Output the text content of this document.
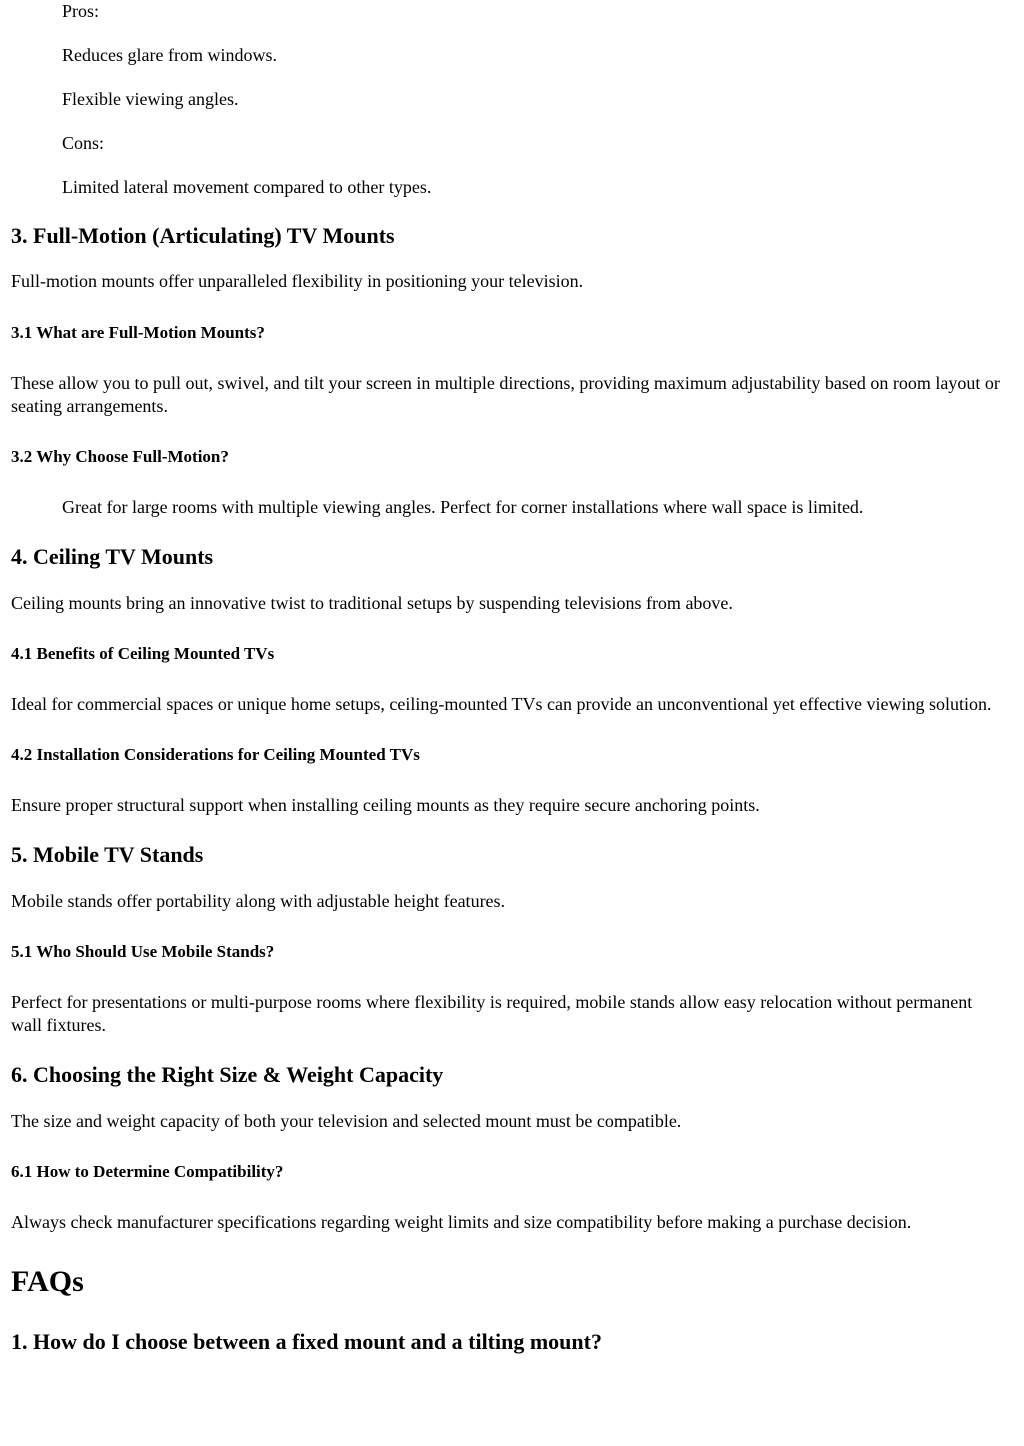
Pros:

Reduces glare from windows.

Flexible viewing angles.

Cons:

Limited lateral movement compared to other types.

3. Full-Motion (Articulating) TV Mounts

Full-motion mounts offer unparalleled flexibility in positioning your television.

3.1 What are Full-Motion Mounts?

These allow you to pull out, swivel, and tilt your screen in multiple directions, providing maximum adjustability based on room layout or seating arrangements.

3.2 Why Choose Full-Motion?

Great for large rooms with multiple viewing angles. Perfect for corner installations where wall space is limited.

4. Ceiling TV Mounts

Ceiling mounts bring an innovative twist to traditional setups by suspending televisions from above.

4.1 Benefits of Ceiling Mounted TVs

Ideal for commercial spaces or unique home setups, ceiling-mounted TVs can provide an unconventional yet effective viewing solution.

4.2 Installation Considerations for Ceiling Mounted TVs

Ensure proper structural support when installing ceiling mounts as they require secure anchoring points.

5. Mobile TV Stands

Mobile stands offer portability along with adjustable height features.

5.1 Who Should Use Mobile Stands?

Perfect for presentations or multi-purpose rooms where flexibility is required, mobile stands allow easy relocation without permanent wall fixtures.

6. Choosing the Right Size & Weight Capacity

The size and weight capacity of both your television and selected mount must be compatible.

6.1 How to Determine Compatibility?

Always check manufacturer specifications regarding weight limits and size compatibility before making a purchase decision.

FAQs
1. How do I choose between a fixed mount and a tilting mount?
